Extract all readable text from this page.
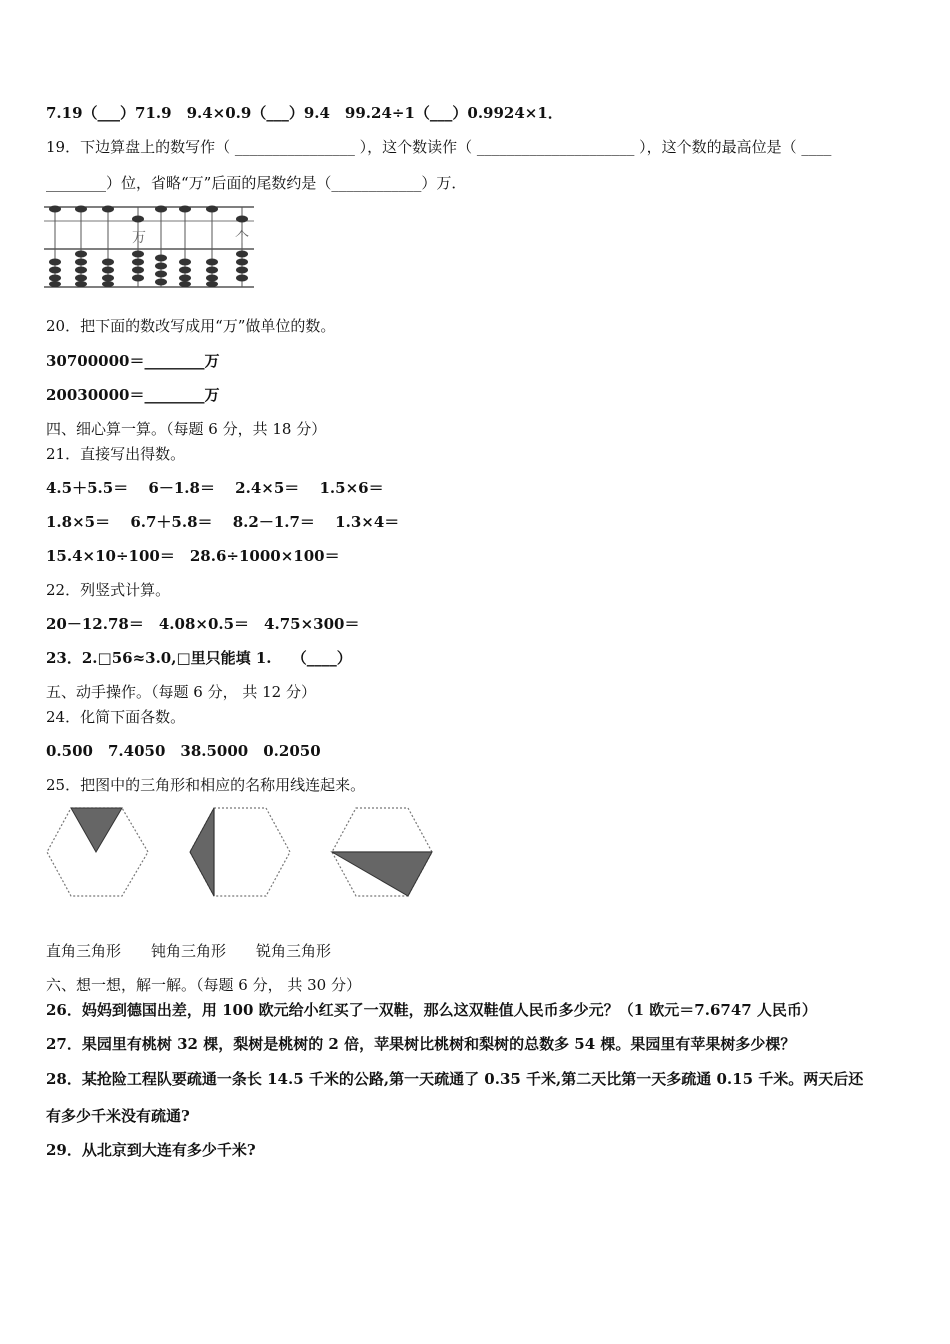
7.19（___）71.9　9.4×0.9（___）9.4　99.24÷1（___）0.9924×1．
19．下边算盘上的数写作（ ________________ ），这个数读作（ _____________________ ），这个数的最高位是（ ____
________）位，省略“万”后面的尾数约是（____________）万．
万	个
20．把下面的数改写成用“万”做单位的数。
30700000＝________万
20030000＝________万
四、细心算一算。（每题 6 分，共 18 分）
21．直接写出得数。
4.5＋5.5＝　 6－1.8＝　 2.4×5＝　 1.5×6＝
1.8×5＝　 6.7＋5.8＝　 8.2－1.7＝　 1.3×4＝
15.4×10÷100＝　28.6÷1000×100＝
22．列竖式计算。
20－12.78＝　4.08×0.5＝　4.75×300＝
23．2.□56≈3.0,□里只能填 1.　 （____）
五、动手操作。（每题 6 分， 共 12 分）
24．化简下面各数。
0.500　7.4050　38.5000　0.2050
25．把图中的三角形和相应的名称用线连起来。
直角三角形　　钝角三角形　　锐角三角形
六、想一想，解一解。（每题 6 分， 共 30 分）
26．妈妈到德国出差，用 100 欧元给小红买了一双鞋，那么这双鞋值人民币多少元？（1 欧元＝7.6747 人民币）
27．果园里有桃树 32 棵，梨树是桃树的 2 倍，苹果树比桃树和梨树的总数多 54 棵。果园里有苹果树多少棵？
28．某抢险工程队要疏通一条长 14.5 千米的公路,第一天疏通了 0.35 千米,第二天比第一天多疏通 0.15 千米。两天后还
有多少千米没有疏通?
29．从北京到大连有多少千米?
